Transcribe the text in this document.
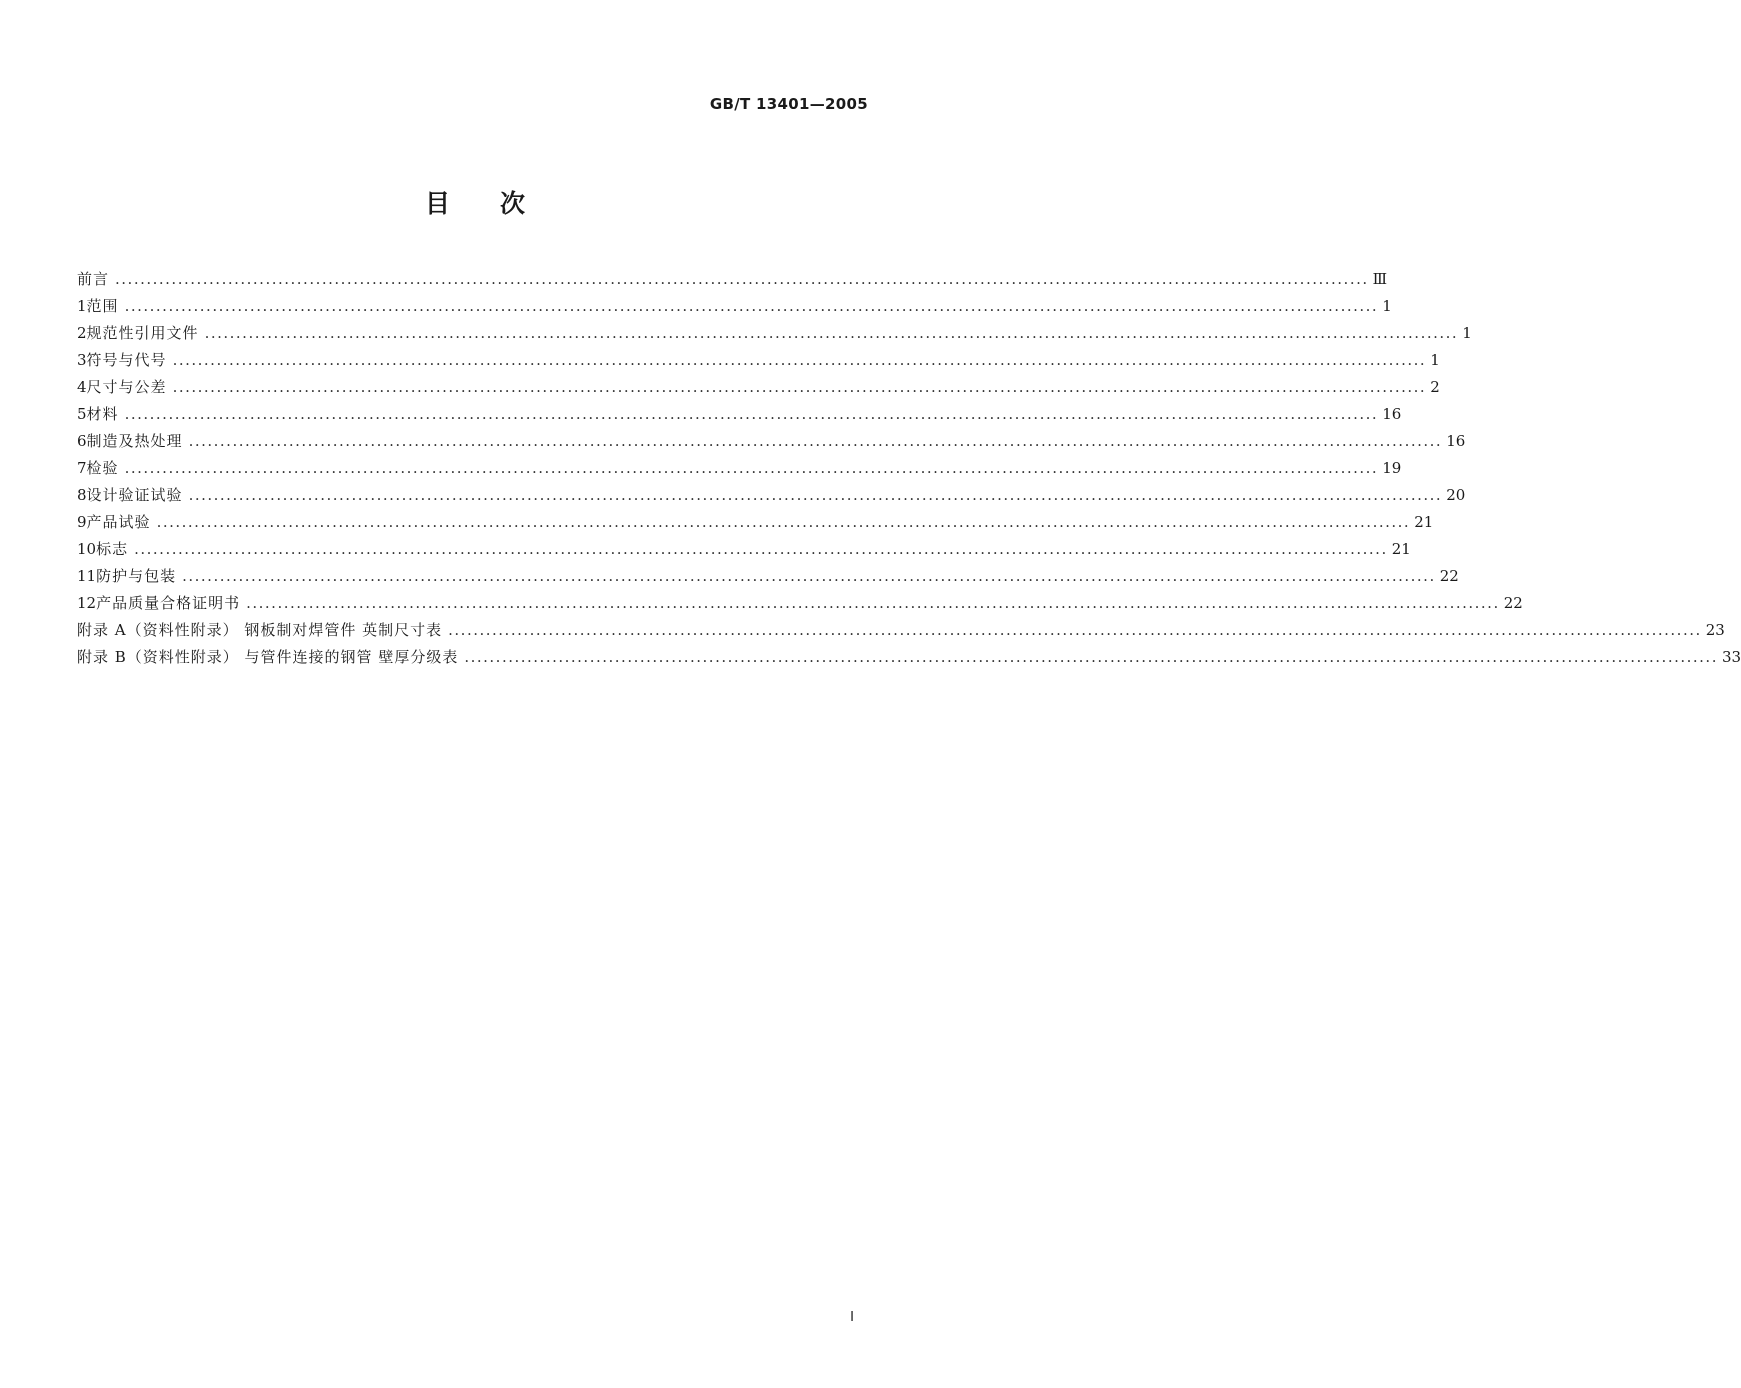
GB/T 13401—2005
目 次
前言 ........................................................................................................................................................................................................ Ⅲ
1 范围 ........................................................................................................................................................................................................ 1
2 规范性引用文件 ........................................................................................................................................................................................................ 1
3 符号与代号 ........................................................................................................................................................................................................ 1
4 尺寸与公差 ........................................................................................................................................................................................................ 2
5 材料 ........................................................................................................................................................................................................ 16
6 制造及热处理 ........................................................................................................................................................................................................ 16
7 检验 ........................................................................................................................................................................................................ 19
8 设计验证试验 ........................................................................................................................................................................................................ 20
9 产品试验 ........................................................................................................................................................................................................ 21
10 标志 ........................................................................................................................................................................................................ 21
11 防护与包装 ........................................................................................................................................................................................................ 22
12 产品质量合格证明书 ........................................................................................................................................................................................................ 22
附录 A（资料性附录） 钢板制对焊管件 英制尺寸表 ........................................................................................................................................................................................................ 23
附录 B（资料性附录） 与管件连接的钢管 壁厚分级表 ........................................................................................................................................................................................................ 33
Ⅰ
